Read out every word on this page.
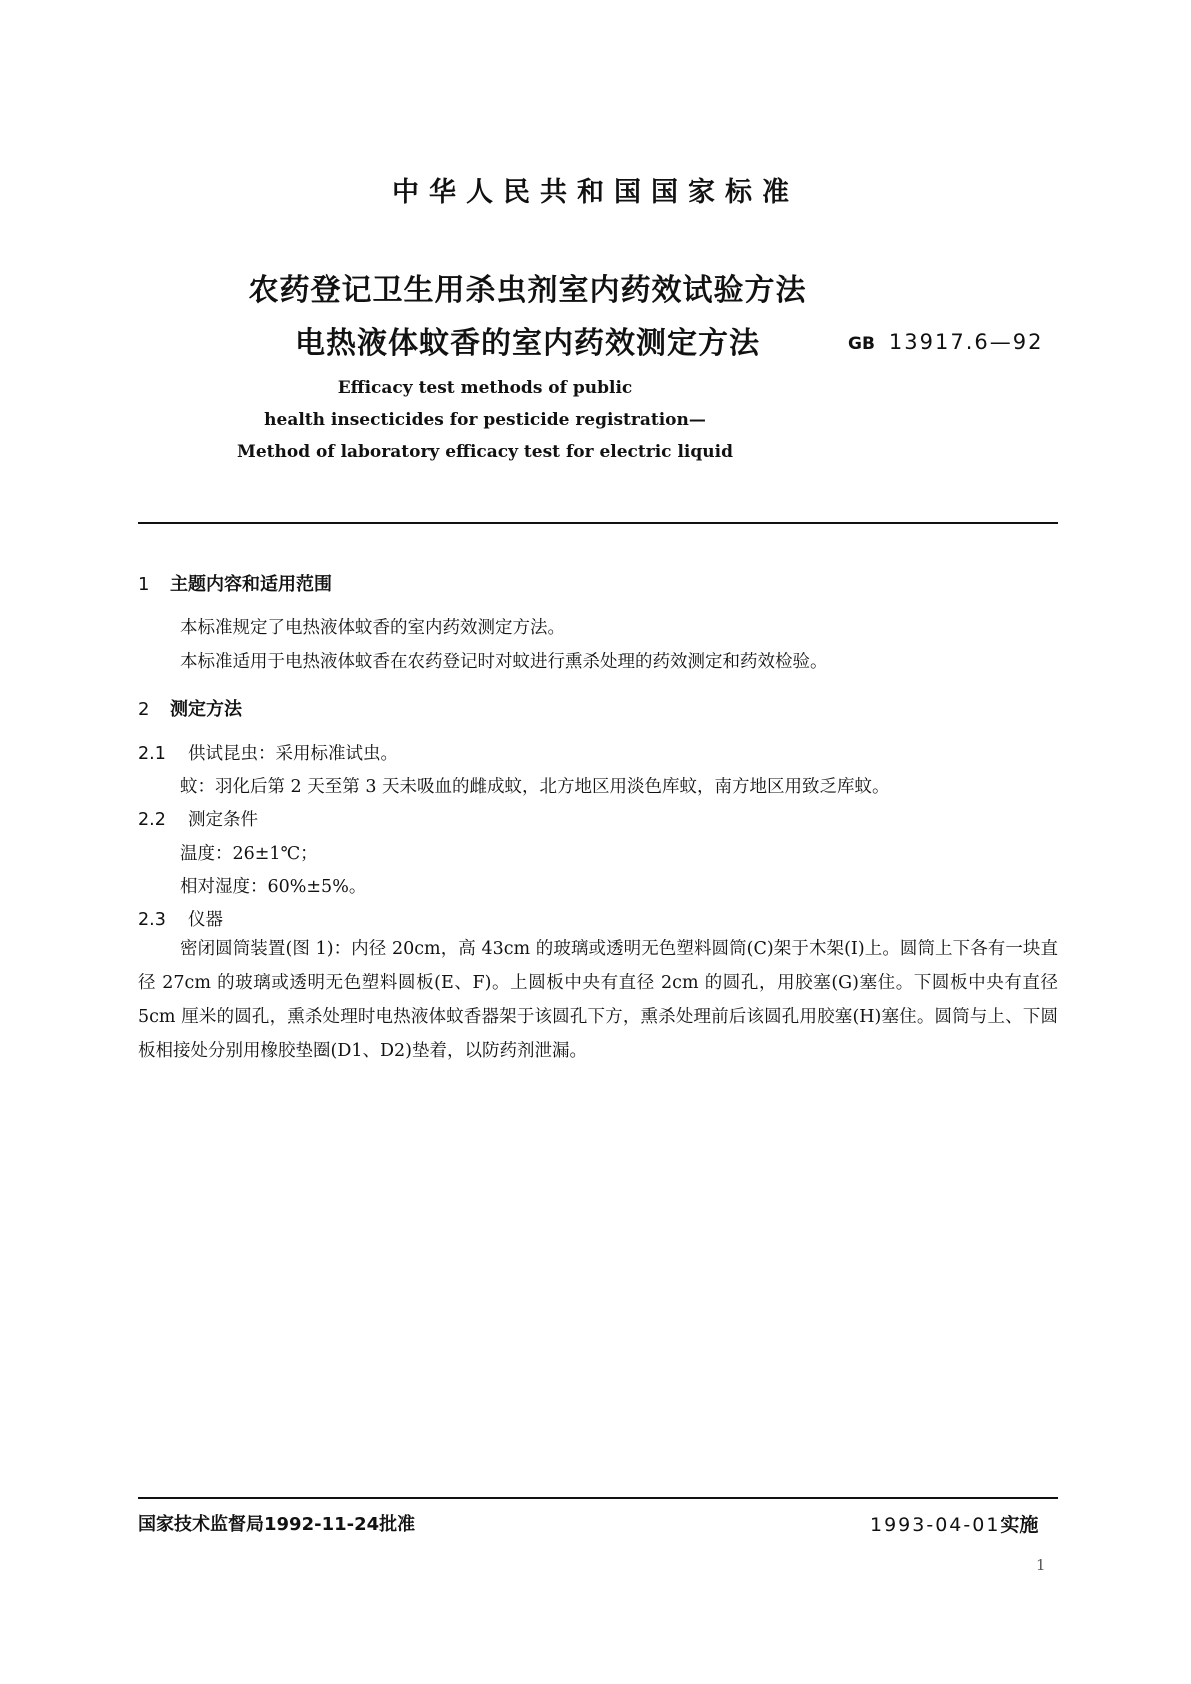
中华人民共和国国家标准
农药登记卫生用杀虫剂室内药效试验方法
电热液体蚊香的室内药效测定方法	GB 13917.6—92
Efficacy test methods of public
health insecticides for pesticide registration—
Method of laboratory efficacy test for electric liquid
1 主题内容和适用范围
本标准规定了电热液体蚊香的室内药效测定方法。
本标准适用于电热液体蚊香在农药登记时对蚊进行熏杀处理的药效测定和药效检验。
2 测定方法
2.1 供试昆虫：采用标准试虫。
蚊：羽化后第 2 天至第 3 天未吸血的雌成蚊，北方地区用淡色库蚊，南方地区用致乏库蚊。
2.2 测定条件
温度：26±1℃；
相对湿度：60%±5%。
2.3 仪器
密闭圆筒装置(图 1)：内径 20cm，高 43cm 的玻璃或透明无色塑料圆筒(C)架于木架(I)上。圆筒上下各有一块直径 27cm 的玻璃或透明无色塑料圆板(E、F)。上圆板中央有直径 2cm 的圆孔，用胶塞(G)塞住。下圆板中央有直径 5cm 厘米的圆孔，熏杀处理时电热液体蚊香器架于该圆孔下方，熏杀处理前后该圆孔用胶塞(H)塞住。圆筒与上、下圆板相接处分别用橡胶垫圈(D1、D2)垫着，以防药剂泄漏。
国家技术监督局1992-11-24批准	1993-04-01实施
1
